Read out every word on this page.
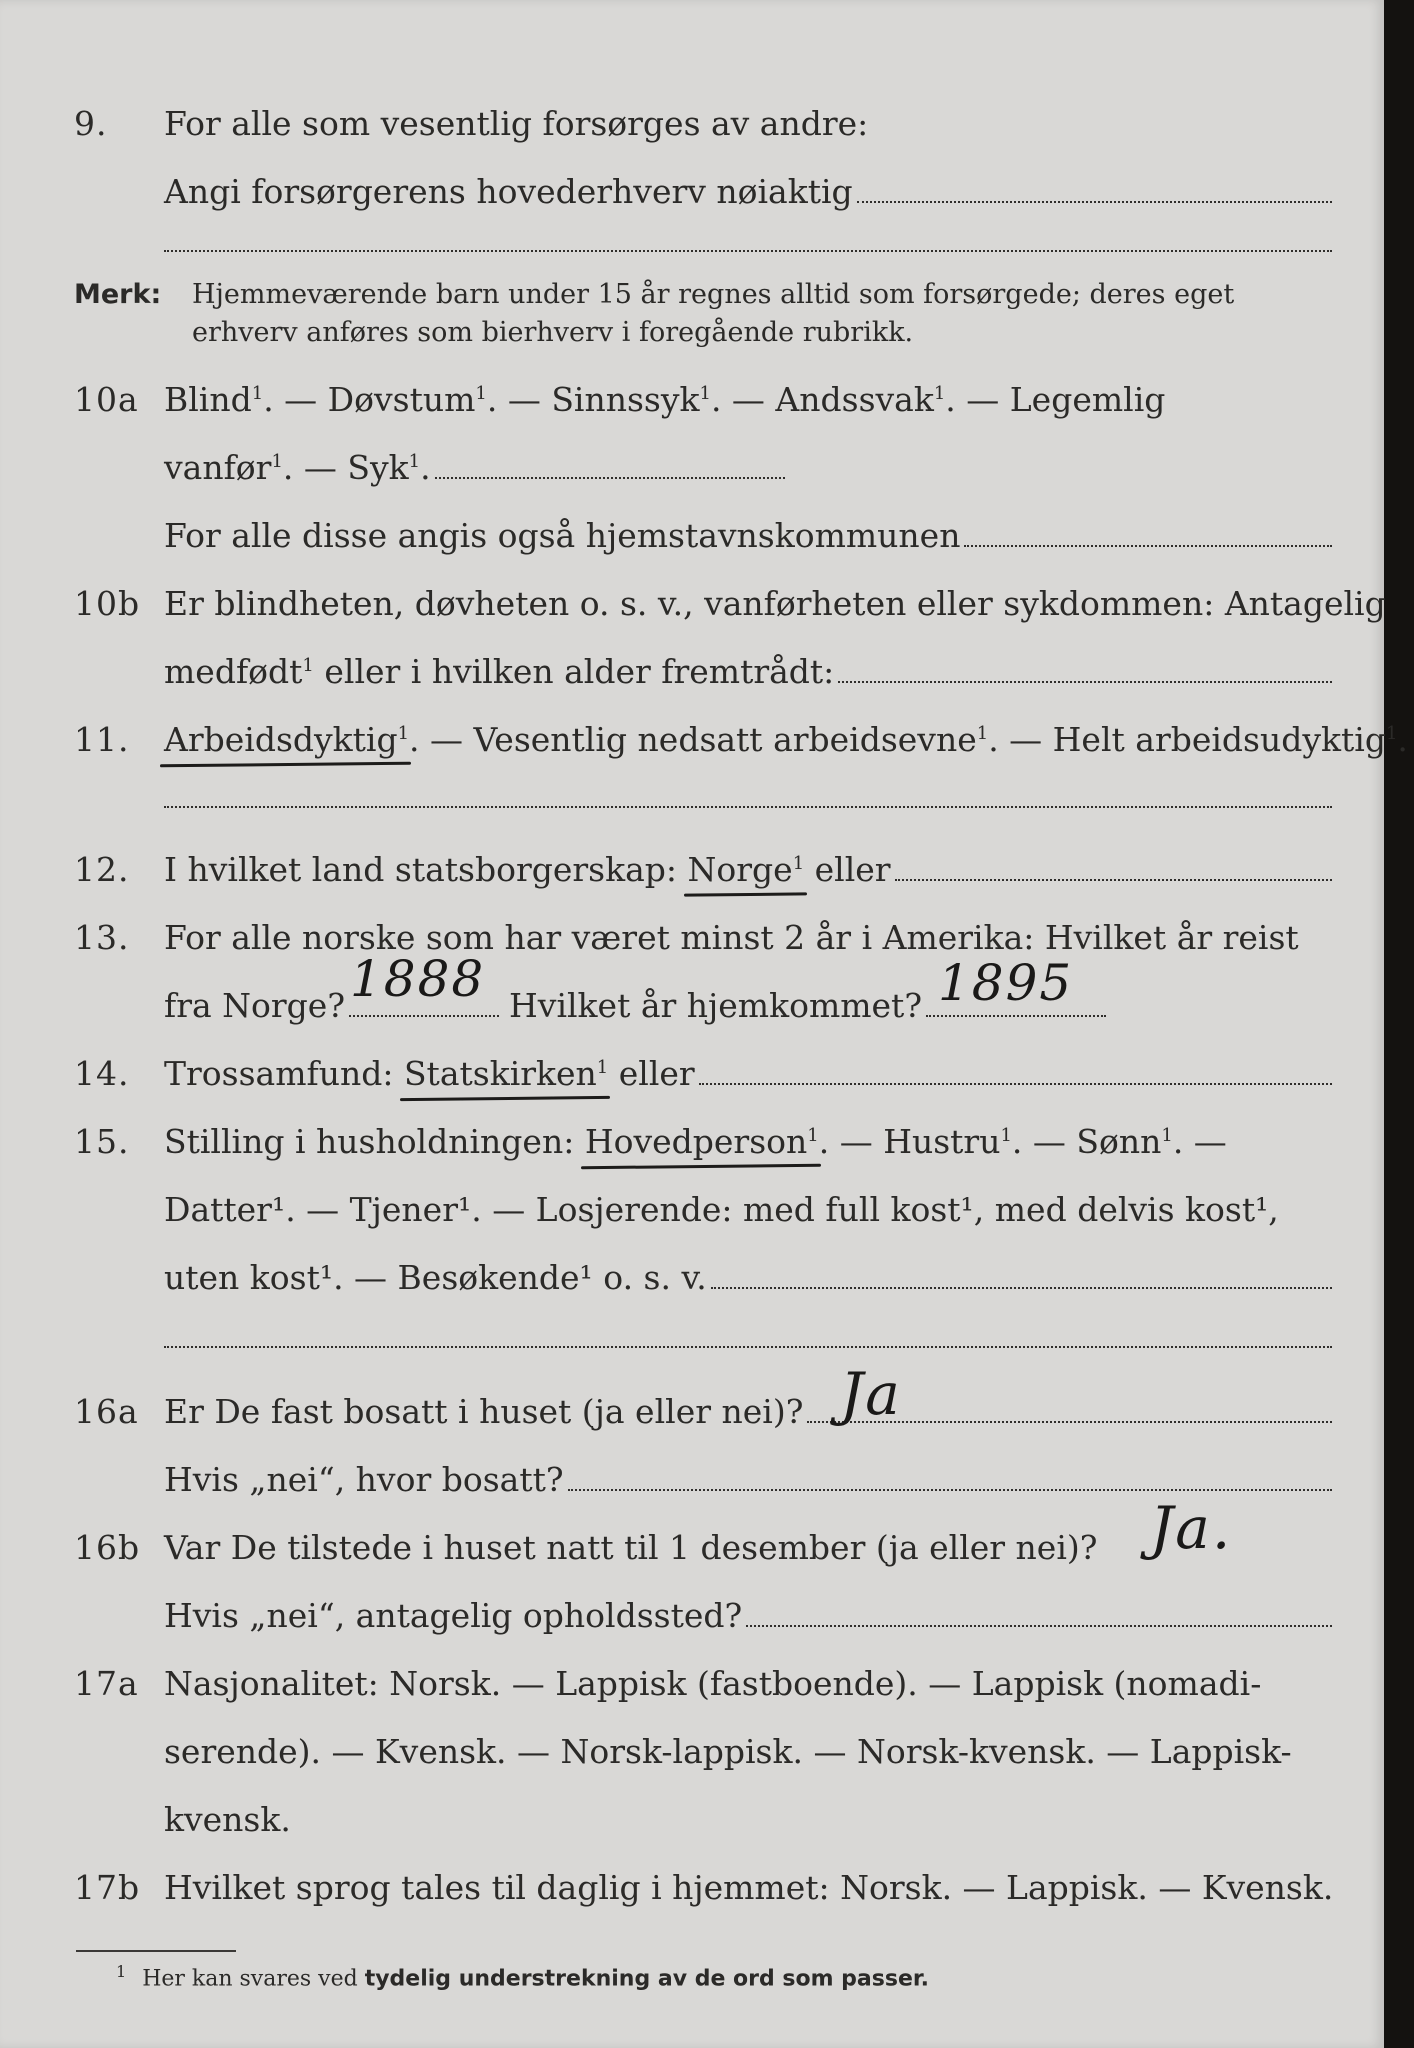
9. For alle som vesentlig forsørges av andre:
Angi forsørgerens hovederhverv nøiaktig
Merk: Hjemmeværende barn under 15 år regnes alltid som forsørgede; deres eget erhverv anføres som bierhverv i foregående rubrikk.
10a Blind$^1$. — Døvstum$^1$. — Sinnssyk$^1$. — Andssvak$^1$. — Legemlig
vanfør$^1$. — Syk$^1$.
For alle disse angis også hjemstavnskommunen
10b Er blindheten, døvheten o. s. v., vanførheten eller sykdommen: Antagelig
medfødt$^1$ eller i hvilken alder fremtrådt:
11. Arbeidsdyktig$^1$. — Vesentlig nedsatt arbeidsevne$^1$. — Helt arbeidsudyktig$^1$.
12. I hvilket land statsborgerskap: Norge$^1$ eller
13. For alle norske som har været minst 2 år i Amerika: Hvilket år reist
fra Norge?	Hvilket år hjemkommet?
1888	1895
14. Trossamfund: Statskirken$^1$ eller
15. Stilling i husholdningen: Hovedperson$^1$. — Hustru$^1$. — Sønn$^1$. —
Datter¹. — Tjener¹. — Losjerende: med full kost¹, med delvis kost¹,
uten kost¹. — Besøkende¹ o. s. v.
16a Er De fast bosatt i huset (ja eller nei)? Ja
Hvis „nei“, hvor bosatt?
16b Var De tilstede i huset natt til 1 desember (ja eller nei)? Ja.
Hvis „nei“, antagelig opholdssted?
17a Nasjonalitet: Norsk. — Lappisk (fastboende). — Lappisk (nomadi-
serende). — Kvensk. — Norsk-lappisk. — Norsk-kvensk. — Lappisk-
kvensk.
17b Hvilket sprog tales til daglig i hjemmet: Norsk. — Lappisk. — Kvensk.
$^1$ Her kan svares ved tydelig understrekning av de ord som passer.
